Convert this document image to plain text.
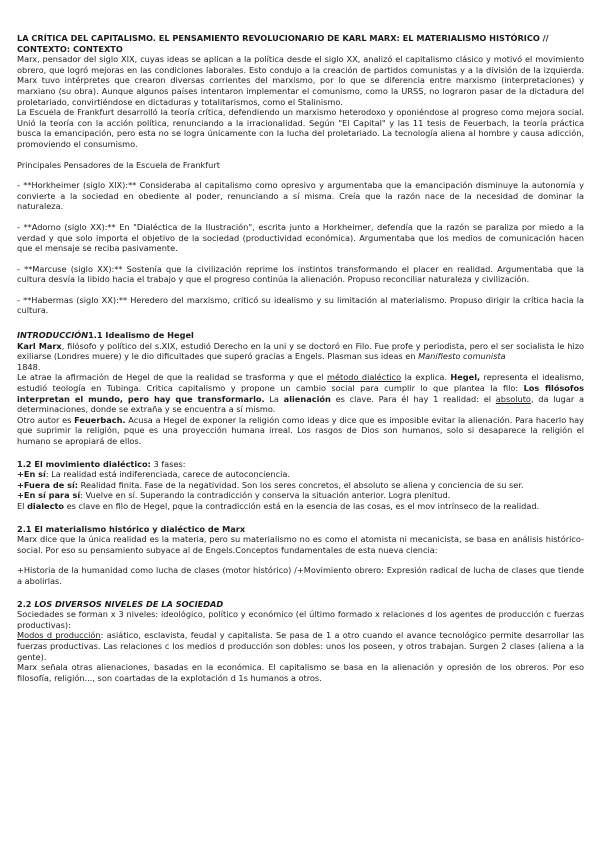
LA CRÍTICA DEL CAPITALISMO. EL PENSAMIENTO REVOLUCIONARIO DE KARL MARX: EL MATERIALISMO HISTÓRICO // CONTEXTO: CONTEXTO

Marx, pensador del siglo XIX, cuyas ideas se aplican a la política desde el siglo XX, analizó el capitalismo clásico y motivó el movimiento obrero, que logró mejoras en las condiciones laborales. Esto condujo a la creación de partidos comunistas y a la división de la izquierda. Marx tuvo intérpretes que crearon diversas corrientes del marxismo, por lo que se diferencia entre marxismo (interpretaciones) y marxiano (su obra). Aunque algunos países intentaron implementar el comunismo, como la URSS, no lograron pasar de la dictadura del proletariado, convirtiéndose en dictaduras y totalitarismos, como el Stalinismo.

La Escuela de Frankfurt desarrolló la teoría crítica, defendiendo un marxismo heterodoxo y oponiéndose al progreso como mejora social. Unió la teoría con la acción política, renunciando a la irracionalidad. Según "El Capital" y las 11 tesis de Feuerbach, la teoría práctica busca la emancipación, pero esta no se logra únicamente con la lucha del proletariado. La tecnología aliena al hombre y causa adicción, promoviendo el consumismo.

Principales Pensadores de la Escuela de Frankfurt

- **Horkheimer (siglo XIX):** Consideraba al capitalismo como opresivo y argumentaba que la emancipación disminuye la autonomía y convierte a la sociedad en obediente al poder, renunciando a sí misma. Creía que la razón nace de la necesidad de dominar la naturaleza.

- **Adorno (siglo XX):** En "Dialéctica de la Ilustración", escrita junto a Horkheimer, defendía que la razón se paraliza por miedo a la verdad y que solo importa el objetivo de la sociedad (productividad económica). Argumentaba que los medios de comunicación hacen que el mensaje se reciba pasivamente.

- **Marcuse (siglo XX):** Sostenía que la civilización reprime los instintos transformando el placer en realidad. Argumentaba que la cultura desvía la libido hacia el trabajo y que el progreso continúa la alienación. Propuso reconciliar naturaleza y civilización.

- **Habermas (siglo XX):** Heredero del marxismo, criticó su idealismo y su limitación al materialismo. Propuso dirigir la crítica hacia la cultura.

INTRODUCCIÓN1.1 Idealismo de Hegel

Karl Marx, filósofo y político del s.XIX, estudió Derecho en la uni y se doctoró en Filo. Fue profe y periodista, pero el ser socialista le hizo exiliarse (Londres muere) y le dio dificultades que superó gracias a Engels. Plasman sus ideas en Manifiesto comunista

1848.

Le atrae la afirmación de Hegel de que la realidad se trasforma y que el método dialéctico la explica. Hegel, representa el idealismo, estudió teología en Tubinga. Critica capitalismo y propone un cambio social para cumplir lo que plantea la filo: Los filósofos interpretan el mundo, pero hay que transformarlo. La alienación es clave. Para él hay 1 realidad: el absoluto, da lugar a determinaciones, donde se extraña y se encuentra a sí mismo.

Otro autor es Feuerbach. Acusa a Hegel de exponer la religión como ideas y dice que es imposible evitar la alienación. Para hacerlo hay que suprimir la religión, pque es una proyección humana irreal. Los rasgos de Dios son humanos, solo si desaparece la religión el humano se apropiará de ellos.

1.2 El movimiento dialéctico: 3 fases:

+En sí: La realidad está indiferenciada, carece de autoconciencia.

+Fuera de sí: Realidad finita. Fase de la negatividad. Son los seres concretos, el absoluto se aliena y conciencia de su ser.

+En sí para sí: Vuelve en sí. Superando la contradicción y conserva la situación anterior. Logra plenitud.

El dialecto es clave en filo de Hegel, pque la contradicción está en la esencia de las cosas, es el mov intrínseco de la realidad.

2.1 El materialismo histórico y dialéctico de Marx

Marx dice que la única realidad es la materia, pero su materialismo no es como el atomista ni mecanicista, se basa en análisis histórico-social. Por eso su pensamiento subyace al de Engels.Conceptos fundamentales de esta nueva ciencia:

+Historia de la humanidad como lucha de clases (motor histórico) /+Movimiento obrero: Expresión radical de lucha de clases que tiende a abolirlas.

2.2 LOS DIVERSOS NIVELES DE LA SOCIEDAD

Sociedades se forman x 3 niveles: ideológico, político y económico (el último formado x relaciones d los agentes de producción c fuerzas productivas):

Modos d producción: asiático, esclavista, feudal y capitalista. Se pasa de 1 a otro cuando el avance tecnológico permite desarrollar las fuerzas productivas. Las relaciones c los medios d producción son dobles: unos los poseen, y otros trabajan. Surgen 2 clases (aliena a la gente).

Marx señala otras alienaciones, basadas en la económica. El capitalismo se basa en la alienación y opresión de los obreros. Por eso filosofía, religión..., son coartadas de la explotación d 1s humanos a otros.
